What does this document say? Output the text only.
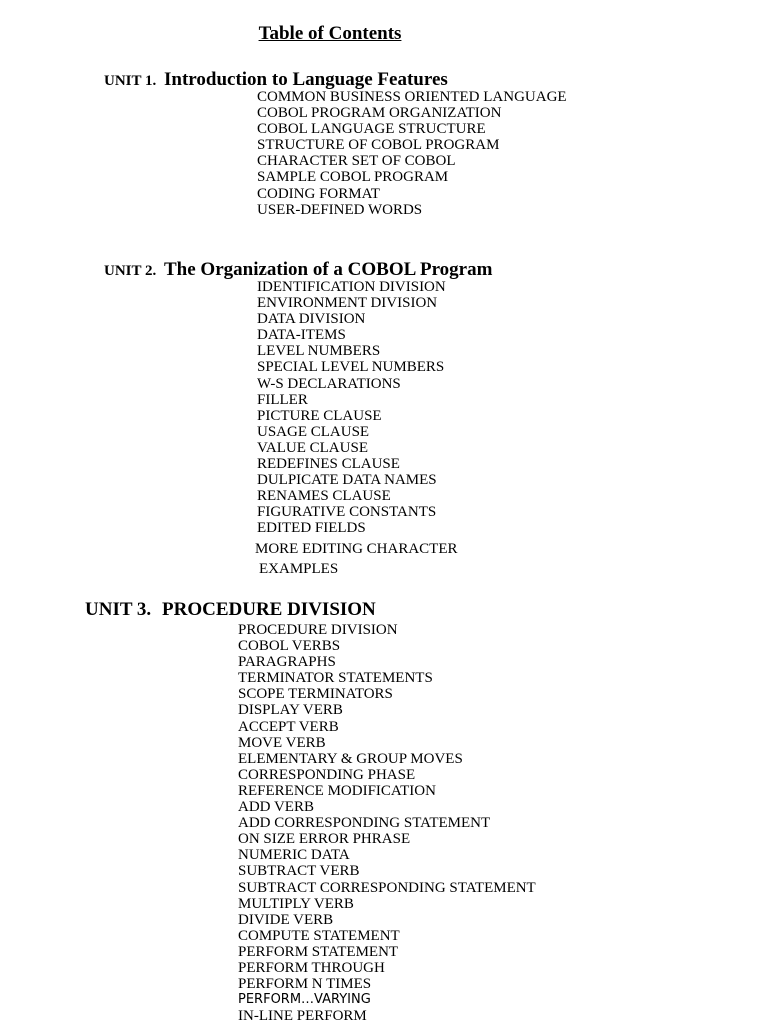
Table of Contents
UNIT 1. Introduction to Language Features
COMMON BUSINESS ORIENTED LANGUAGE
COBOL PROGRAM ORGANIZATION
COBOL LANGUAGE STRUCTURE
STRUCTURE OF COBOL PROGRAM
CHARACTER SET OF COBOL
SAMPLE COBOL PROGRAM
CODING FORMAT
USER-DEFINED WORDS
UNIT 2. The Organization of a COBOL Program
IDENTIFICATION DIVISION
ENVIRONMENT DIVISION
DATA DIVISION
DATA-ITEMS
LEVEL NUMBERS
SPECIAL LEVEL NUMBERS
W-S DECLARATIONS
FILLER
PICTURE CLAUSE
USAGE CLAUSE
VALUE CLAUSE
REDEFINES CLAUSE
DULPICATE DATA NAMES
RENAMES CLAUSE
FIGURATIVE CONSTANTS
EDITED FIELDS
MORE EDITING CHARACTER
EXAMPLES
UNIT 3. PROCEDURE DIVISION
PROCEDURE DIVISION
COBOL VERBS
PARAGRAPHS
TERMINATOR STATEMENTS
SCOPE TERMINATORS
DISPLAY VERB
ACCEPT VERB
MOVE VERB
ELEMENTARY & GROUP MOVES
CORRESPONDING PHASE
REFERENCE MODIFICATION
ADD VERB
ADD CORRESPONDING STATEMENT
ON SIZE ERROR PHRASE
NUMERIC DATA
SUBTRACT VERB
SUBTRACT CORRESPONDING STATEMENT
MULTIPLY VERB
DIVIDE VERB
COMPUTE STATEMENT
PERFORM STATEMENT
PERFORM THROUGH
PERFORM N TIMES
PERFORM…VARYING
IN-LINE PERFORM
